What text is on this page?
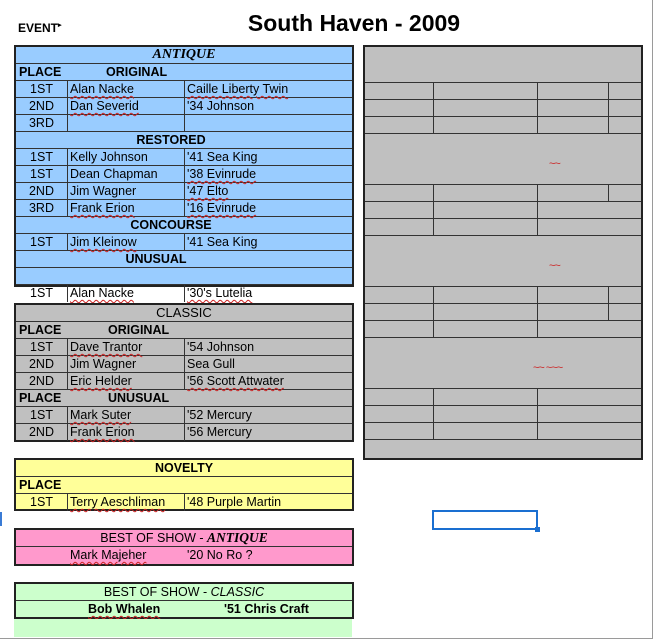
EVENT▸	South Haven - 2009
ANTIQUE
PLACE	ORIGINAL
1ST	Alan Nacke	Caille Liberty Twin
2ND	Dan Severid	'34 Johnson
3RD
RESTORED
1ST	Kelly Johnson	'41 Sea King
1ST	Dean Chapman	'38 Evinrude
2ND	Jim Wagner	'47 Elto
3RD	Frank Erion	'16 Evinrude
CONCOURSE
1ST	Jim Kleinow	'41 Sea King
UNUSUAL
1ST	Alan Nacke	'30's Lutelia
CLASSIC
PLACE	ORIGINAL
1ST	Dave Trantor	'54 Johnson
2ND	Jim Wagner	Sea Gull
2ND	Eric Helder	'56 Scott Attwater
PLACE	UNUSUAL
1ST	Mark Suter	'52 Mercury
2ND	Frank Erion	'56 Mercury
NOVELTY
PLACE
1ST	Terry Aeschliman	'48 Purple Martin
BEST OF SHOW - ANTIQUE
Mark Majeher	'20 No Ro ?
BEST OF SHOW - CLASSIC
Bob Whalen	'51 Chris Craft
~~
~~
~~ ~~~
